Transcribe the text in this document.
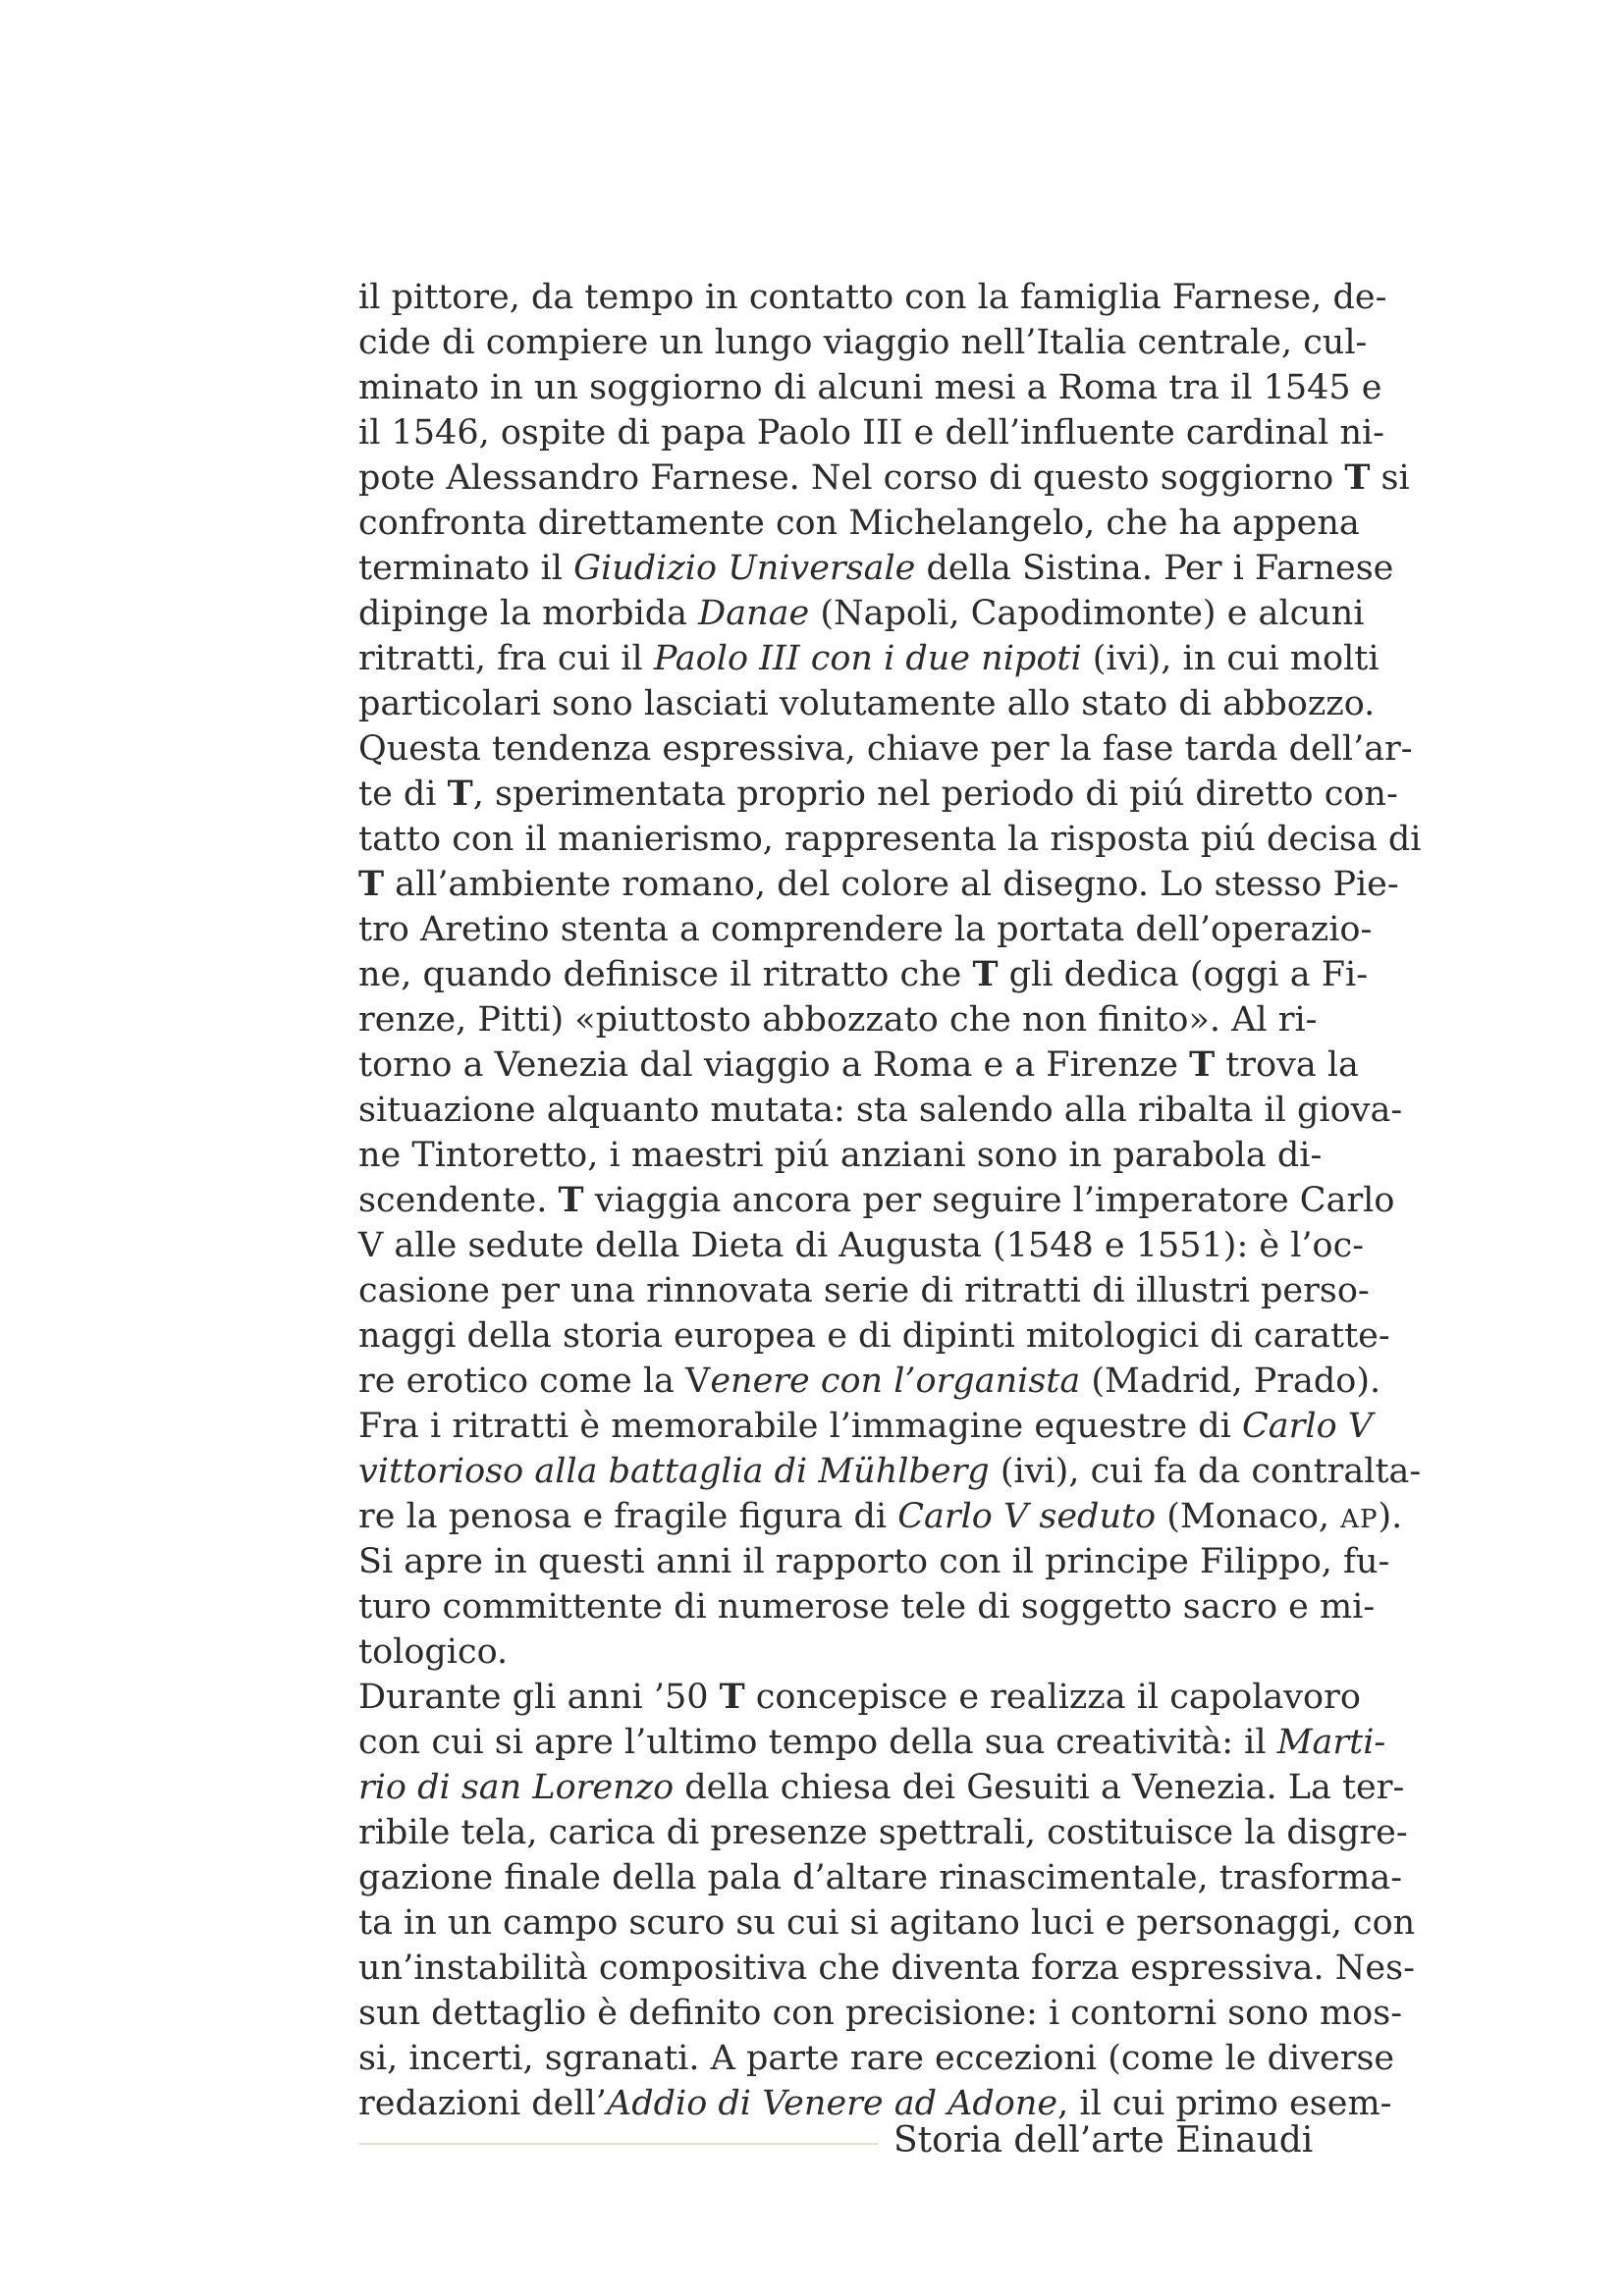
il pittore, da tempo in contatto con la famiglia Farnese, de-
cide di compiere un lungo viaggio nell’Italia centrale, cul-
minato in un soggiorno di alcuni mesi a Roma tra il 1545 e
il 1546, ospite di papa Paolo III e dell’influente cardinal ni-
pote Alessandro Farnese. Nel corso di questo soggiorno T si
confronta direttamente con Michelangelo, che ha appena
terminato il Giudizio Universale della Sistina. Per i Farnese
dipinge la morbida Danae (Napoli, Capodimonte) e alcuni
ritratti, fra cui il Paolo III con i due nipoti (ivi), in cui molti
particolari sono lasciati volutamente allo stato di abbozzo.
Questa tendenza espressiva, chiave per la fase tarda dell’ar-
te di T, sperimentata proprio nel periodo di piú diretto con-
tatto con il manierismo, rappresenta la risposta piú decisa di
T all’ambiente romano, del colore al disegno. Lo stesso Pie-
tro Aretino stenta a comprendere la portata dell’operazio-
ne, quando definisce il ritratto che T gli dedica (oggi a Fi-
renze, Pitti) «piuttosto abbozzato che non finito». Al ri-
torno a Venezia dal viaggio a Roma e a Firenze T trova la
situazione alquanto mutata: sta salendo alla ribalta il giova-
ne Tintoretto, i maestri piú anziani sono in parabola di-
scendente. T viaggia ancora per seguire l’imperatore Carlo
V alle sedute della Dieta di Augusta (1548 e 1551): è l’oc-
casione per una rinnovata serie di ritratti di illustri perso-
naggi della storia europea e di dipinti mitologici di caratte-
re erotico come la Venere con l’organista (Madrid, Prado).
Fra i ritratti è memorabile l’immagine equestre di Carlo V
vittorioso alla battaglia di Mühlberg (ivi), cui fa da contralta-
re la penosa e fragile figura di Carlo V seduto (Monaco, AP).
Si apre in questi anni il rapporto con il principe Filippo, fu-
turo committente di numerose tele di soggetto sacro e mi-
tologico.
Durante gli anni ’50 T concepisce e realizza il capolavoro
con cui si apre l’ultimo tempo della sua creatività: il Marti-
rio di san Lorenzo della chiesa dei Gesuiti a Venezia. La ter-
ribile tela, carica di presenze spettrali, costituisce la disgre-
gazione finale della pala d’altare rinascimentale, trasforma-
ta in un campo scuro su cui si agitano luci e personaggi, con
un’instabilità compositiva che diventa forza espressiva. Nes-
sun dettaglio è definito con precisione: i contorni sono mos-
si, incerti, sgranati. A parte rare eccezioni (come le diverse
redazioni dell’Addio di Venere ad Adone, il cui primo esem-
Storia dell’arte Einaudi
